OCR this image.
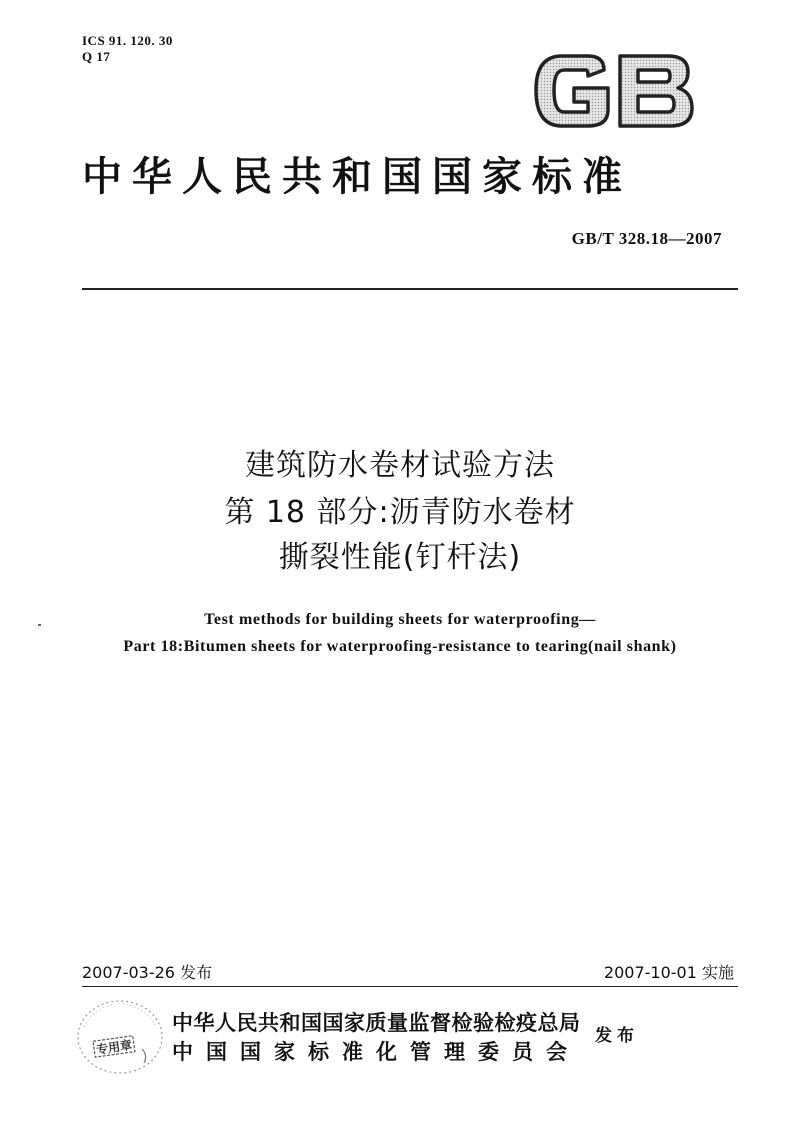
ICS 91. 120. 30
Q 17
中华人民共和国国家标准
GB/T 328.18—2007
建筑防水卷材试验方法
第 18 部分:沥青防水卷材
撕裂性能(钉杆法)
Test methods for building sheets for waterproofing—
Part 18:Bitumen sheets for waterproofing-resistance to tearing(nail shank)
2007-03-26 发布	2007-10-01 实施
专用章
中华人民共和国国家质量监督检验检疫总局
中国国家标准化管理委员会
发布
